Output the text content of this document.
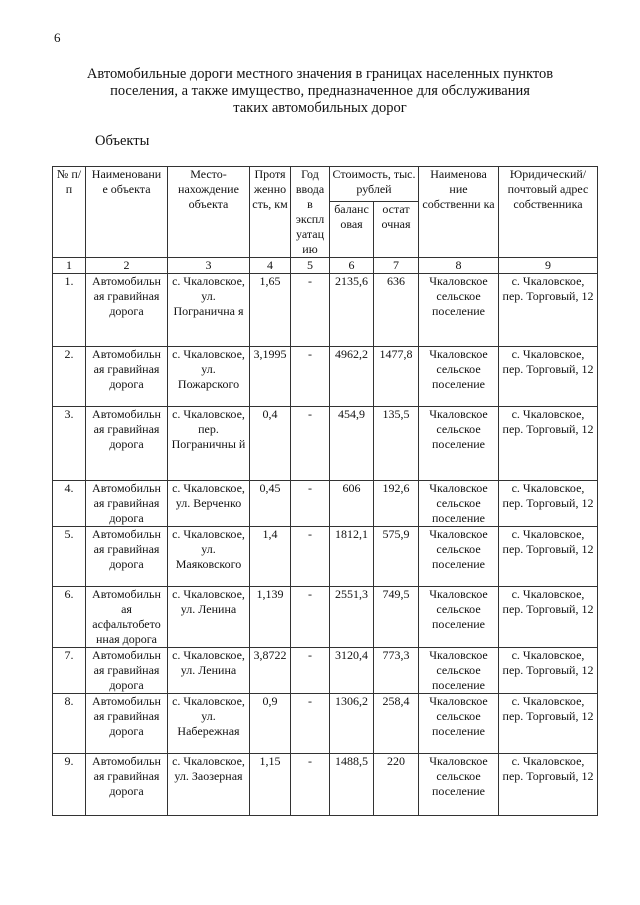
6
Автомобильные дороги местного значения в границах населенных пунктов
поселения, а также имущество, предназначенное для обслуживания
таких автомобильных дорог
Объекты
№ п/п	Наименовани е объекта	Место- нахождение объекта	Протя женно сть, км	Год ввода в экспл уатац ию	Стоимость, тыс. рублей		Наименова ние собственни ка	Юридический/ почтовый адрес собственника
					баланс овая	остат очная		
1	2	3	4	5	6	7	8	9
1.	Автомобильн ая гравийная дорога	с. Чкаловское, ул. Погранична я	1,65	-	2135,6	636	Чкаловское сельское поселение	с. Чкаловское, пер. Торговый, 12
2.	Автомобильн ая гравийная дорога	с. Чкаловское, ул. Пожарского	3,1995	-	4962,2	1477,8	Чкаловское сельское поселение	с. Чкаловское, пер. Торговый, 12
3.	Автомобильн ая гравийная дорога	с. Чкаловское, пер. Пограничны й	0,4	-	454,9	135,5	Чкаловское сельское поселение	с. Чкаловское, пер. Торговый, 12
4.	Автомобильн ая гравийная дорога	с. Чкаловское, ул. Верченко	0,45	-	606	192,6	Чкаловское сельское поселение	с. Чкаловское, пер. Торговый, 12
5.	Автомобильн ая гравийная дорога	с. Чкаловское, ул. Маяковского	1,4	-	1812,1	575,9	Чкаловское сельское поселение	с. Чкаловское, пер. Торговый, 12
6.	Автомобильн ая асфальтобето нная дорога	с. Чкаловское, ул. Ленина	1,139	-	2551,3	749,5	Чкаловское сельское поселение	с. Чкаловское, пер. Торговый, 12
7.	Автомобильн ая гравийная дорога	с. Чкаловское, ул. Ленина	3,8722	-	3120,4	773,3	Чкаловское сельское поселение	с. Чкаловское, пер. Торговый, 12
8.	Автомобильн ая гравийная дорога	с. Чкаловское, ул. Набережная	0,9	-	1306,2	258,4	Чкаловское сельское поселение	с. Чкаловское, пер. Торговый, 12
9.	Автомобильн ая гравийная дорога	с. Чкаловское, ул. Заозерная	1,15	-	1488,5	220	Чкаловское сельское поселение	с. Чкаловское, пер. Торговый, 12
